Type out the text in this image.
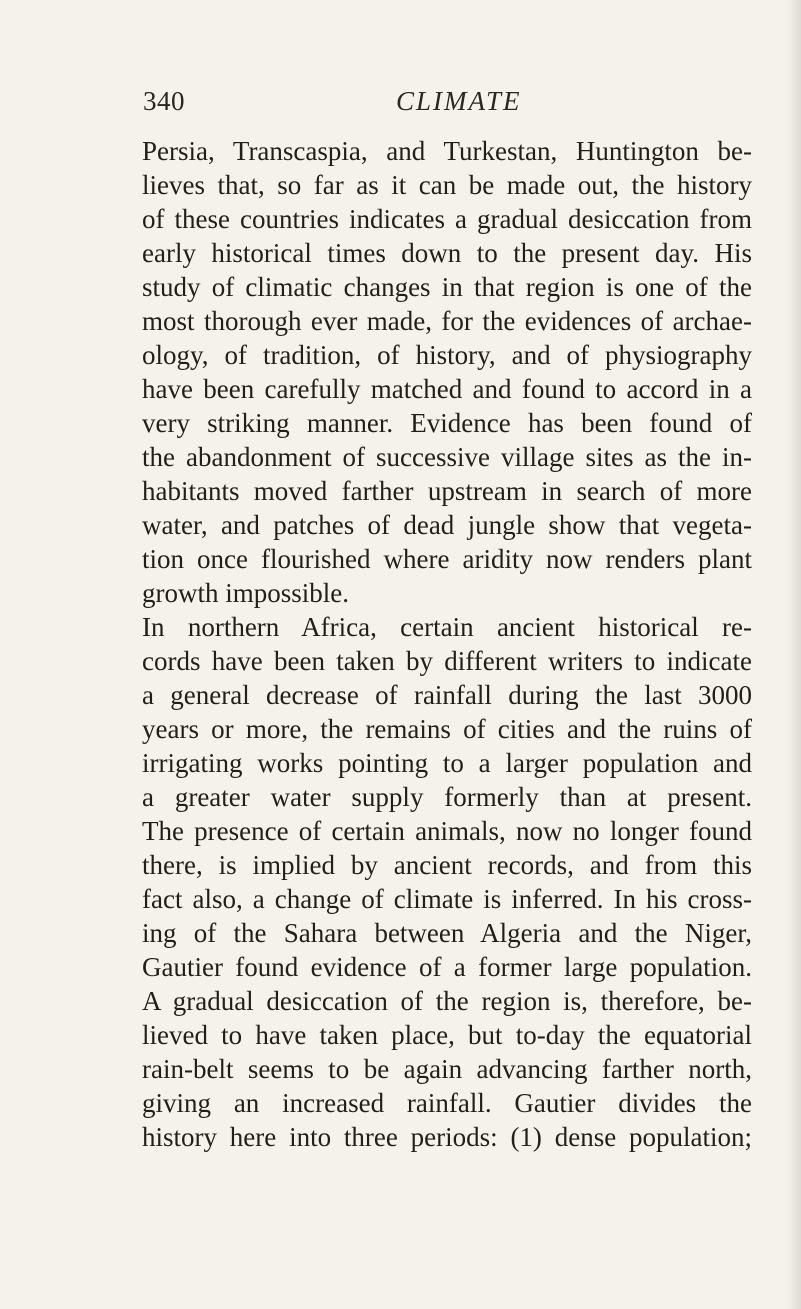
340	CLIMATE
Persia, Transcaspia, and Turkestan, Huntington be-
lieves that, so far as it can be made out, the history
of these countries indicates a gradual desiccation from
early historical times down to the present day. His
study of climatic changes in that region is one of the
most thorough ever made, for the evidences of archae-
ology, of tradition, of history, and of physiography
have been carefully matched and found to accord in a
very striking manner. Evidence has been found of
the abandonment of successive village sites as the in-
habitants moved farther upstream in search of more
water, and patches of dead jungle show that vegeta-
tion once flourished where aridity now renders plant
growth impossible.
In northern Africa, certain ancient historical re-
cords have been taken by different writers to indicate
a general decrease of rainfall during the last 3000
years or more, the remains of cities and the ruins of
irrigating works pointing to a larger population and
a greater water supply formerly than at present.
The presence of certain animals, now no longer found
there, is implied by ancient records, and from this
fact also, a change of climate is inferred. In his cross-
ing of the Sahara between Algeria and the Niger,
Gautier found evidence of a former large population.
A gradual desiccation of the region is, therefore, be-
lieved to have taken place, but to-day the equatorial
rain-belt seems to be again advancing farther north,
giving an increased rainfall. Gautier divides the
history here into three periods: (1) dense population;
